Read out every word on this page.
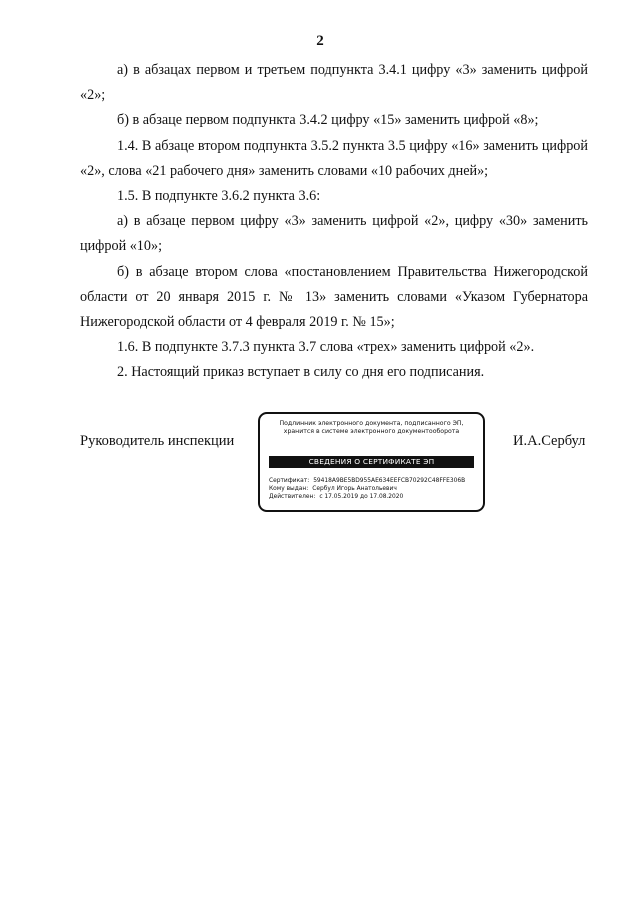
2

а) в абзацах первом и третьем подпункта 3.4.1 цифру «3» заменить цифрой «2»;

б) в абзаце первом подпункта 3.4.2 цифру «15» заменить цифрой «8»;

1.4. В абзаце втором подпункта 3.5.2 пункта 3.5 цифру «16» заменить цифрой «2», слова «21 рабочего дня» заменить словами «10 рабочих дней»;

1.5. В подпункте 3.6.2 пункта 3.6:

а) в абзаце первом цифру «3» заменить цифрой «2», цифру «30» заменить цифрой «10»;

б) в абзаце втором слова «постановлением Правительства Нижегородской области от 20 января 2015 г. № 13» заменить словами «Указом Губернатора Нижегородской области от 4 февраля 2019 г. № 15»;

1.6. В подпункте 3.7.3 пункта 3.7 слова «трех» заменить цифрой «2».

2. Настоящий приказ вступает в силу со дня его подписания.

Руководитель инспекции
Подлинник электронного документа, подписанного ЭП,
хранится в системе электронного документооборота
СВЕДЕНИЯ О СЕРТИФИКАТЕ ЭП
Сертификат: 59418A9BE5BD955AE634EEFCB70292C48FFE306B
Кому выдан: Сербул Игорь Анатольевич
Действителен: с 17.05.2019 до 17.08.2020
И.А.Сербул
